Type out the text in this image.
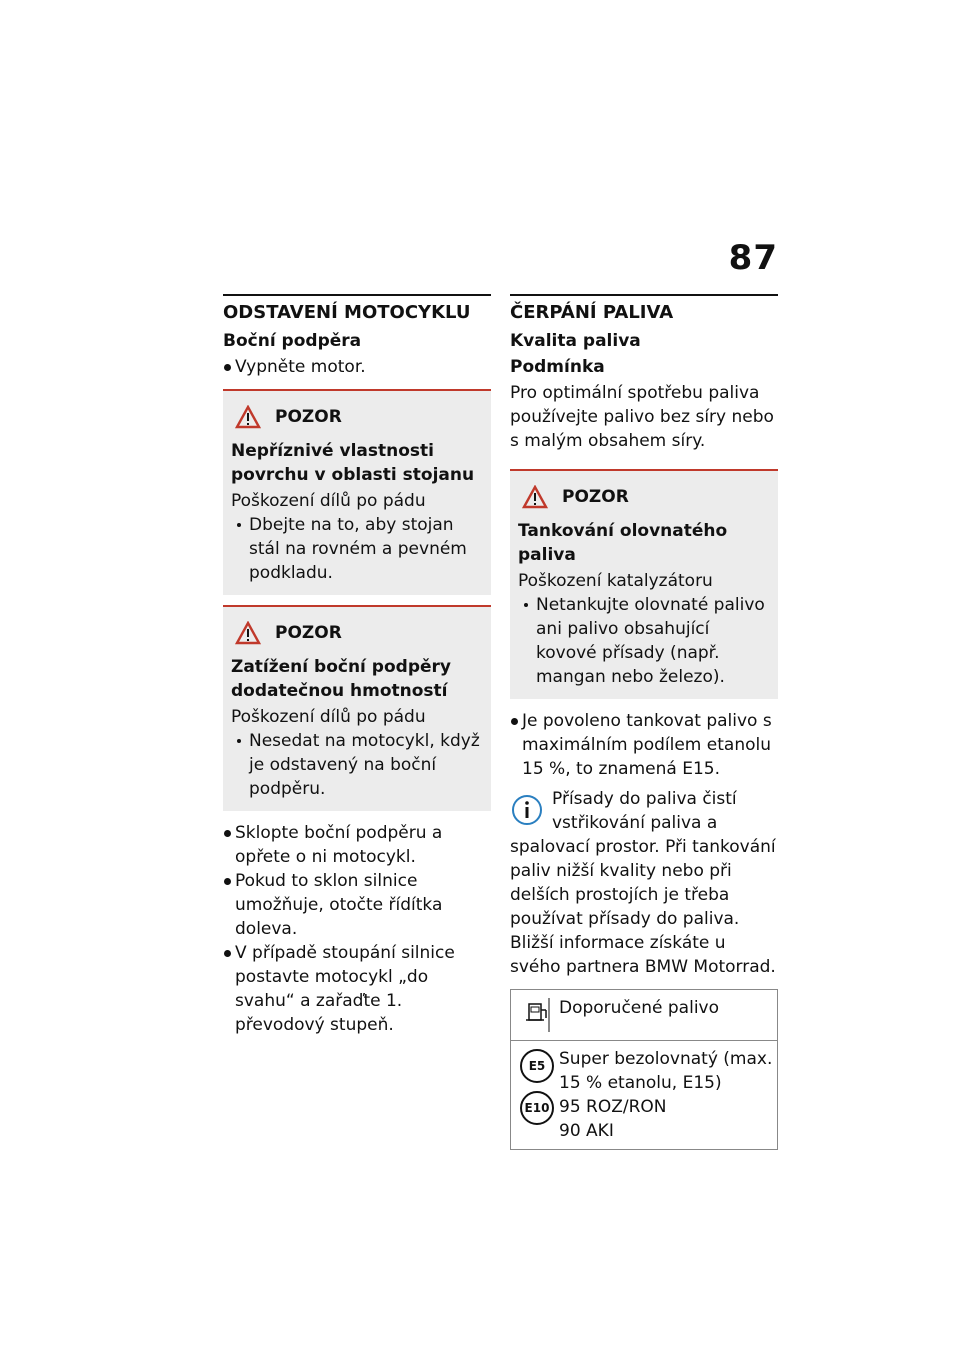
87
ODSTAVENÍ MOTOCYKLU
Boční podpěra
Vypněte motor.
POZOR
Nepříznivé vlastnosti povrchu v oblasti stojanu

Poškození dílů po pádu

Dbejte na to, aby stojan stál na rovném a pevném podkladu.
POZOR
Zatížení boční podpěry dodatečnou hmotností

Poškození dílů po pádu

Nesedat na motocykl, když je odstavený na boční podpěru.
Sklopte boční podpěru a opřete o ni motocykl.
Pokud to sklon silnice umožňuje, otočte řídítka doleva.
V případě stoupání silnice postavte motocykl „do svahu“ a zařaďte 1. převodový stupeň.
ČERPÁNÍ PALIVA
Kvalita paliva
Podmínka

Pro optimální spotřebu paliva používejte palivo bez síry nebo s malým obsahem síry.

POZOR
Tankování olovnatého paliva

Poškození katalyzátoru

Netankujte olovnaté palivo ani palivo obsahující kovové přísady (např. mangan nebo železo).
Je povoleno tankovat palivo s maximálním podílem etanolu 15 %, to znamená E15.

Přísady do paliva čistí vstřikování paliva a spalovací prostor. Při tankování paliv nižší kvality nebo při delších prostojích je třeba používat přísady do paliva. Bližší informace získáte u svého partnera BMW Motorrad.

Doporučené palivo
E5
E10

Super bezolovnatý (max. 15 % etanolu, E15)

95 ROZ/RON

90 AKI
